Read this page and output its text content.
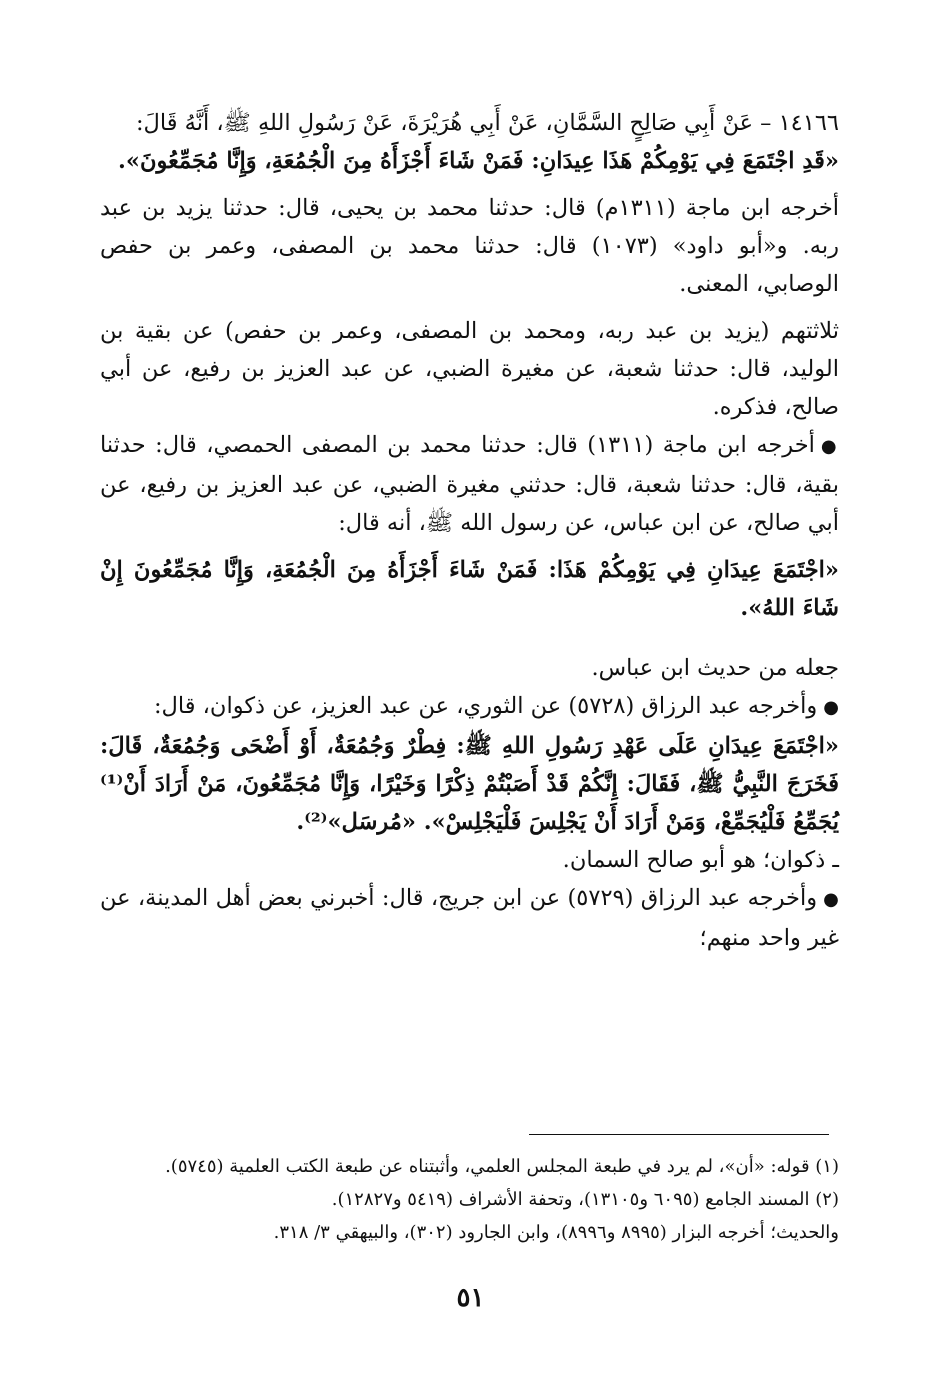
١٤١٦٦ – عَنْ أَبِي صَالِحٍ السَّمَّانِ، عَنْ أَبِي هُرَيْرَةَ، عَنْ رَسُولِ اللهِ ﷺ، أَنَّهُ قَالَ:

«قَدِ اجْتَمَعَ فِي يَوْمِكُمْ هَذَا عِيدَانِ: فَمَنْ شَاءَ أَجْزَأَهُ مِنَ الْجُمُعَةِ، وَإِنَّا مُجَمِّعُونَ».

أخرجه ابن ماجة (١٣١١م) قال: حدثنا محمد بن يحيى، قال: حدثنا يزيد بن عبد ربه. و«أبو داود» (١٠٧٣) قال: حدثنا محمد بن المصفى، وعمر بن حفص الوصابي، المعنى.

ثلاثتهم (يزيد بن عبد ربه، ومحمد بن المصفى، وعمر بن حفص) عن بقية بن الوليد، قال: حدثنا شعبة، عن مغيرة الضبي، عن عبد العزيز بن رفيع، عن أبي صالح، فذكره.

●أخرجه ابن ماجة (١٣١١) قال: حدثنا محمد بن المصفى الحمصي، قال: حدثنا بقية، قال: حدثنا شعبة، قال: حدثني مغيرة الضبي، عن عبد العزيز بن رفيع، عن أبي صالح، عن ابن عباس، عن رسول الله ﷺ، أنه قال:

«اجْتَمَعَ عِيدَانِ فِي يَوْمِكُمْ هَذَا: فَمَنْ شَاءَ أَجْزَأَهُ مِنَ الْجُمُعَةِ، وَإِنَّا مُجَمِّعُونَ إِنْ شَاءَ اللهُ».

جعله من حديث ابن عباس.

●وأخرجه عبد الرزاق (٥٧٢٨) عن الثوري، عن عبد العزيز، عن ذكوان، قال:

«اجْتَمَعَ عِيدَانِ عَلَى عَهْدِ رَسُولِ اللهِ ﷺ: فِطْرٌ وَجُمُعَةٌ، أَوْ أَضْحَى وَجُمُعَةٌ، قَالَ: فَخَرَجَ النَّبِيُّ ﷺ، فَقَالَ: إِنَّكُمْ قَدْ أَصَبْتُمْ ذِكْرًا وَخَيْرًا، وَإِنَّا مُجَمِّعُونَ، مَنْ أَرَادَ أَنْ⁽¹⁾ يُجَمِّعُ فَلْيُجَمِّعْ، وَمَنْ أَرَادَ أَنْ يَجْلِسَ فَلْيَجْلِسْ». «مُرسَل»⁽²⁾.

ـ ذكوان؛ هو أبو صالح السمان.

●وأخرجه عبد الرزاق (٥٧٢٩) عن ابن جريج، قال: أخبرني بعض أهل المدينة، عن غير واحد منهم؛

(١) قوله: «أن»، لم يرد في طبعة المجلس العلمي، وأثبتناه عن طبعة الكتب العلمية (٥٧٤٥).

(٢) المسند الجامع (٦٠٩٥ و١٣١٠٥)، وتحفة الأشراف (٥٤١٩ و١٢٨٢٧).

والحديث؛ أخرجه البزار (٨٩٩٥ و٨٩٩٦)، وابن الجارود (٣٠٢)، والبيهقي ٣/ ٣١٨.

٥١
